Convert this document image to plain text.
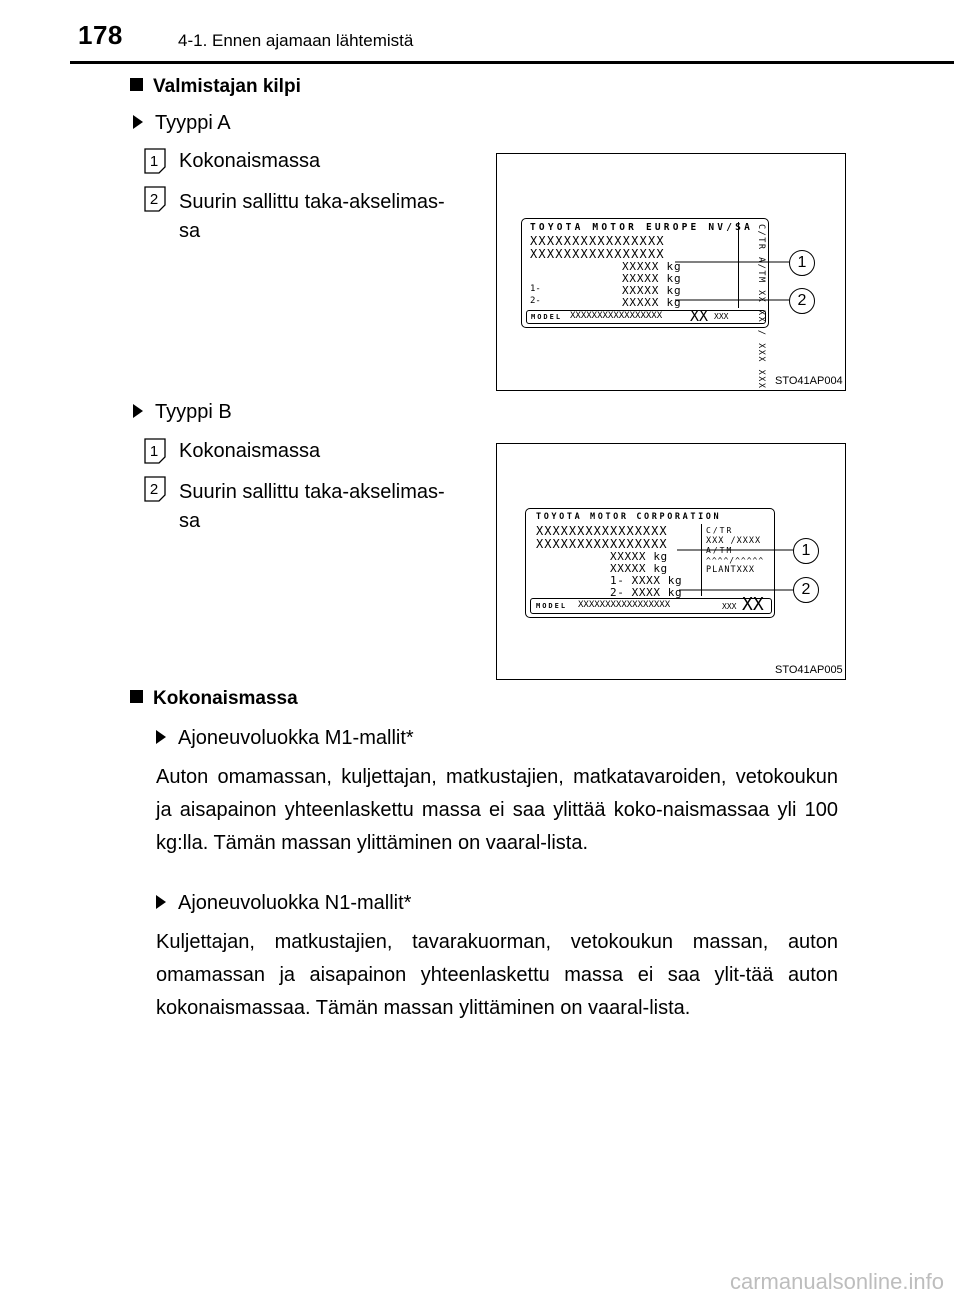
178	4-1. Ennen ajamaan lähtemistä
Valmistajan kilpi
Tyyppi A
1 Kokonaismassa
2 Suurin sallittu taka-akselimas-
sa	TOYOTA MOTOR EUROPE NV/SA
XXXXXXXXXXXXXXXX
XXXXXXXXXXXXXXXX
XXXXX kg
XXXXX kg
1-	XXXXX kg
2-	XXXXX kg
MODEL XXXXXXXXXXXXXXXXX XX XXX	C/TR A/TM XX XX / XXX XXX	1
2
STO41AP004
Tyyppi B
1 Kokonaismassa
2 Suurin sallittu taka-akselimas-
sa	TOYOTA MOTOR CORPORATION
XXXXXXXXXXXXXXXX
XXXXXXXXXXXXXXXX
XXXXX kg
XXXXX kg
1- XXXX kg
2- XXXX kg
C/TR
XXX /XXXX
A/TM
^^^^/^^^^^
PLANTXXX
MODEL XXXXXXXXXXXXXXXXX	XXX XX
1
2
STO41AP005
Kokonaismassa
Ajoneuvoluokka M1-mallit*
Auton omamassan, kuljettajan, matkustajien, matkatavaroiden, vetokoukun ja aisapainon yhteenlaskettu massa ei saa ylittää koko-naismassaa yli 100 kg:lla. Tämän massan ylittäminen on vaaral-lista.
Ajoneuvoluokka N1-mallit*
Kuljettajan, matkustajien, tavarakuorman, vetokoukun massan, auton omamassan ja aisapainon yhteenlaskettu massa ei saa ylit-tää auton kokonaismassaa. Tämän massan ylittäminen on vaaral-lista.
carmanualsonline.info
